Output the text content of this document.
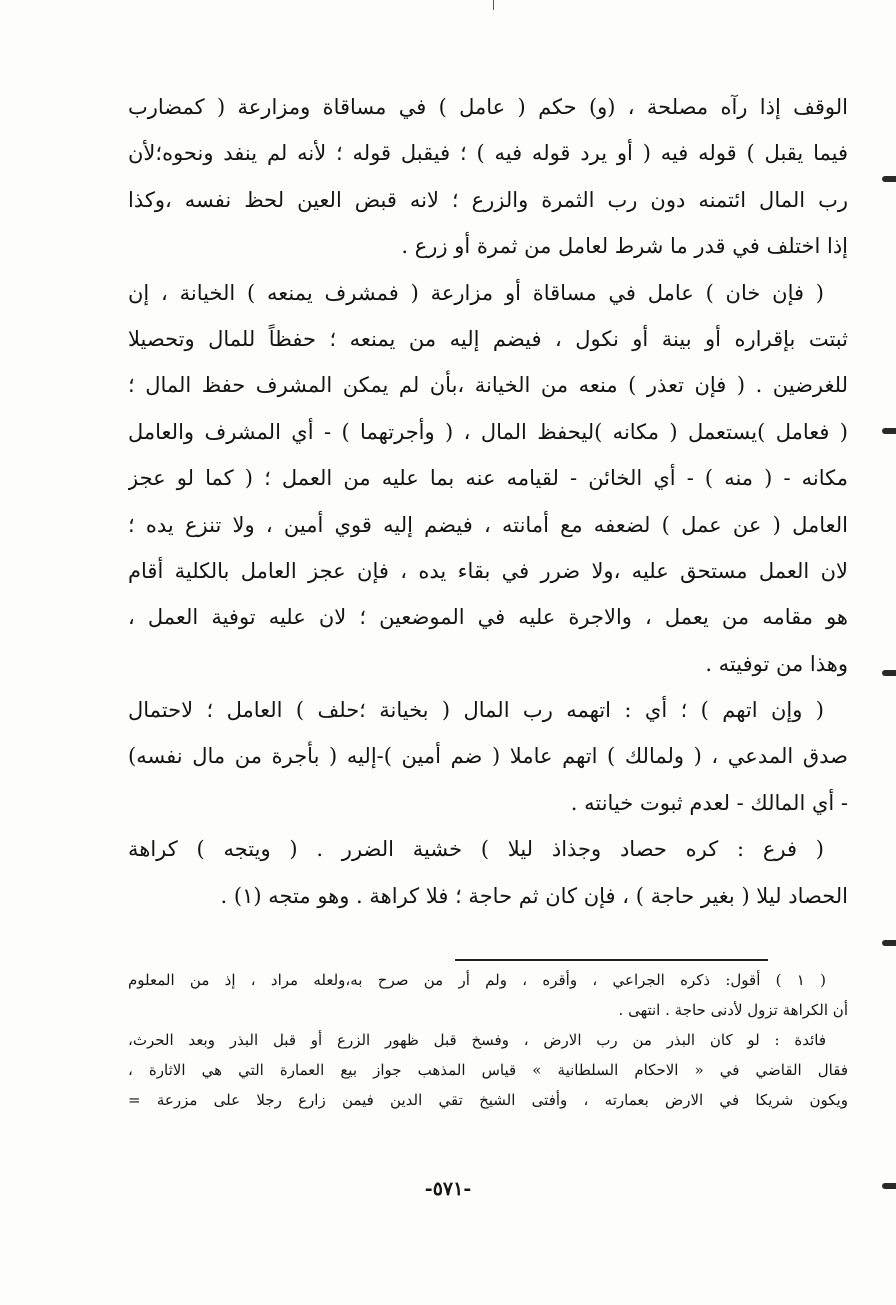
الوقف إذا رآه مصلحة ، (و) حكم ( عامل ) في مساقاة ومزارعة ( كمضارب
فيما يقبل ) قوله فيه ( أو يرد قوله فيه ) ؛ فيقبل قوله ؛ لأنه لم ينفد ونحوه؛لأن
رب المال ائتمنه دون رب الثمرة والزرع ؛ لانه قبض العين لحظ نفسه ،وكذا
إذا اختلف في قدر ما شرط لعامل من ثمرة أو زرع .
( فإن خان ) عامل في مساقاة أو مزارعة ( فمشرف يمنعه ) الخيانة ، إن
ثبتت بإقراره أو بينة أو نكول ، فيضم إليه من يمنعه ؛ حفظاً للمال وتحصيلا
للغرضين . ( فإن تعذر ) منعه من الخيانة ،بأن لم يمكن المشرف حفظ المال ؛
( فعامل )يستعمل ( مكانه )ليحفظ المال ، ( وأجرتهما ) - أي المشرف والعامل
مكانه - ( منه ) - أي الخائن - لقيامه عنه بما عليه من العمل ؛ ( كما لو عجز
العامل ( عن عمل ) لضعفه مع أمانته ، فيضم إليه قوي أمين ، ولا تنزع يده ؛
لان العمل مستحق عليه ،ولا ضرر في بقاء يده ، فإن عجز العامل بالكلية أقام
هو مقامه من يعمل ، والاجرة عليه في الموضعين ؛ لان عليه توفية العمل ،
وهذا من توفيته .
( وإن اتهم ) ؛ أي : اتهمه رب المال ( بخيانة ؛حلف ) العامل ؛ لاحتمال
صدق المدعي ، ( ولمالك ) اتهم عاملا ( ضم أمين )-إليه ( بأجرة من مال نفسه)
- أي المالك - لعدم ثبوت خيانته .
( فرع : كره حصاد وجذاذ ليلا ) خشية الضرر . ( ويتجه ) كراهة
الحصاد ليلا ( بغير حاجة ) ، فإن كان ثم حاجة ؛ فلا كراهة . وهو متجه (١) .
( ١ ) أقول: ذكره الجراعي ، وأقره ، ولم أر من صرح به،ولعله مراد ، إذ من المعلوم
أن الكراهة تزول لأدنى حاجة . انتهى .
فائدة : لو كان البذر من رب الارض ، وفسخ قبل ظهور الزرع أو قبل البذر وبعد الحرث،
فقال القاضي في « الاحكام السلطانية » قياس المذهب جواز بيع العمارة التي هي الاثارة ،
ويكون شريكا في الارض بعمارته ، وأفتى الشيخ تقي الدين فيمن زارع رجلا على مزرعة =
-٥٧١-
